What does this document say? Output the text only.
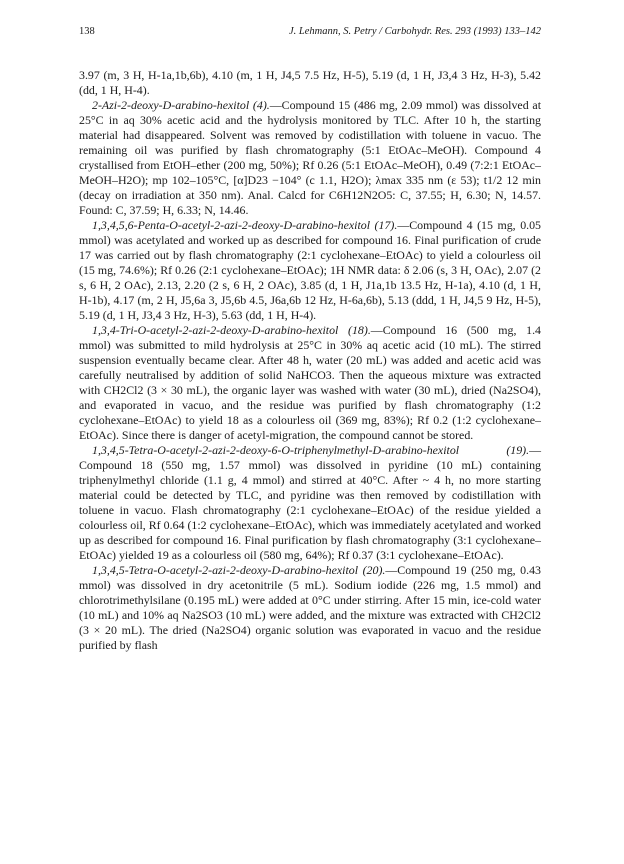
138	J. Lehmann, S. Petry / Carbohydr. Res. 293 (1993) 133–142

3.97 (m, 3 H, H-1a,1b,6b), 4.10 (m, 1 H, J4,5 7.5 Hz, H-5), 5.19 (d, 1 H, J3,4 3 Hz, H-3), 5.42 (dd, 1 H, H-4).

2-Azi-2-deoxy-D-arabino-hexitol (4).—Compound 15 (486 mg, 2.09 mmol) was dissolved at 25°C in aq 30% acetic acid and the hydrolysis monitored by TLC. After 10 h, the starting material had disappeared. Solvent was removed by codistillation with toluene in vacuo. The remaining oil was purified by flash chromatography (5:1 EtOAc–MeOH). Compound 4 crystallised from EtOH–ether (200 mg, 50%); Rf 0.26 (5:1 EtOAc–MeOH), 0.49 (7:2:1 EtOAc–MeOH–H2O); mp 102–105°C, [α]D23 −104° (c 1.1, H2O); λmax 335 nm (ε 53); t1/2 12 min (decay on irradiation at 350 nm). Anal. Calcd for C6H12N2O5: C, 37.55; H, 6.30; N, 14.57. Found: C, 37.59; H, 6.33; N, 14.46.

1,3,4,5,6-Penta-O-acetyl-2-azi-2-deoxy-D-arabino-hexitol (17).—Compound 4 (15 mg, 0.05 mmol) was acetylated and worked up as described for compound 16. Final purification of crude 17 was carried out by flash chromatography (2:1 cyclohexane–EtOAc) to yield a colourless oil (15 mg, 74.6%); Rf 0.26 (2:1 cyclohexane–EtOAc); 1H NMR data: δ 2.06 (s, 3 H, OAc), 2.07 (2 s, 6 H, 2 OAc), 2.13, 2.20 (2 s, 6 H, 2 OAc), 3.85 (d, 1 H, J1a,1b 13.5 Hz, H-1a), 4.10 (d, 1 H, H-1b), 4.17 (m, 2 H, J5,6a 3, J5,6b 4.5, J6a,6b 12 Hz, H-6a,6b), 5.13 (ddd, 1 H, J4,5 9 Hz, H-5), 5.19 (d, 1 H, J3,4 3 Hz, H-3), 5.63 (dd, 1 H, H-4).

1,3,4-Tri-O-acetyl-2-azi-2-deoxy-D-arabino-hexitol (18).—Compound 16 (500 mg, 1.4 mmol) was submitted to mild hydrolysis at 25°C in 30% aq acetic acid (10 mL). The stirred suspension eventually became clear. After 48 h, water (20 mL) was added and acetic acid was carefully neutralised by addition of solid NaHCO3. Then the aqueous mixture was extracted with CH2Cl2 (3 × 30 mL), the organic layer was washed with water (30 mL), dried (Na2SO4), and evaporated in vacuo, and the residue was purified by flash chromatography (1:2 cyclohexane–EtOAc) to yield 18 as a colourless oil (369 mg, 83%); Rf 0.2 (1:2 cyclohexane–EtOAc). Since there is danger of acetyl-migration, the compound cannot be stored.

1,3,4,5-Tetra-O-acetyl-2-azi-2-deoxy-6-O-triphenylmethyl-D-arabino-hexitol (19).—Compound 18 (550 mg, 1.57 mmol) was dissolved in pyridine (10 mL) containing triphenylmethyl chloride (1.1 g, 4 mmol) and stirred at 40°C. After ~ 4 h, no more starting material could be detected by TLC, and pyridine was then removed by codistillation with toluene in vacuo. Flash chromatography (2:1 cyclohexane–EtOAc) of the residue yielded a colourless oil, Rf 0.64 (1:2 cyclohexane–EtOAc), which was immediately acetylated and worked up as described for compound 16. Final purification by flash chromatography (3:1 cyclohexane–EtOAc) yielded 19 as a colourless oil (580 mg, 64%); Rf 0.37 (3:1 cyclohexane–EtOAc).

1,3,4,5-Tetra-O-acetyl-2-azi-2-deoxy-D-arabino-hexitol (20).—Compound 19 (250 mg, 0.43 mmol) was dissolved in dry acetonitrile (5 mL). Sodium iodide (226 mg, 1.5 mmol) and chlorotrimethylsilane (0.195 mL) were added at 0°C under stirring. After 15 min, ice-cold water (10 mL) and 10% aq Na2SO3 (10 mL) were added, and the mixture was extracted with CH2Cl2 (3 × 20 mL). The dried (Na2SO4) organic solution was evaporated in vacuo and the residue purified by flash
